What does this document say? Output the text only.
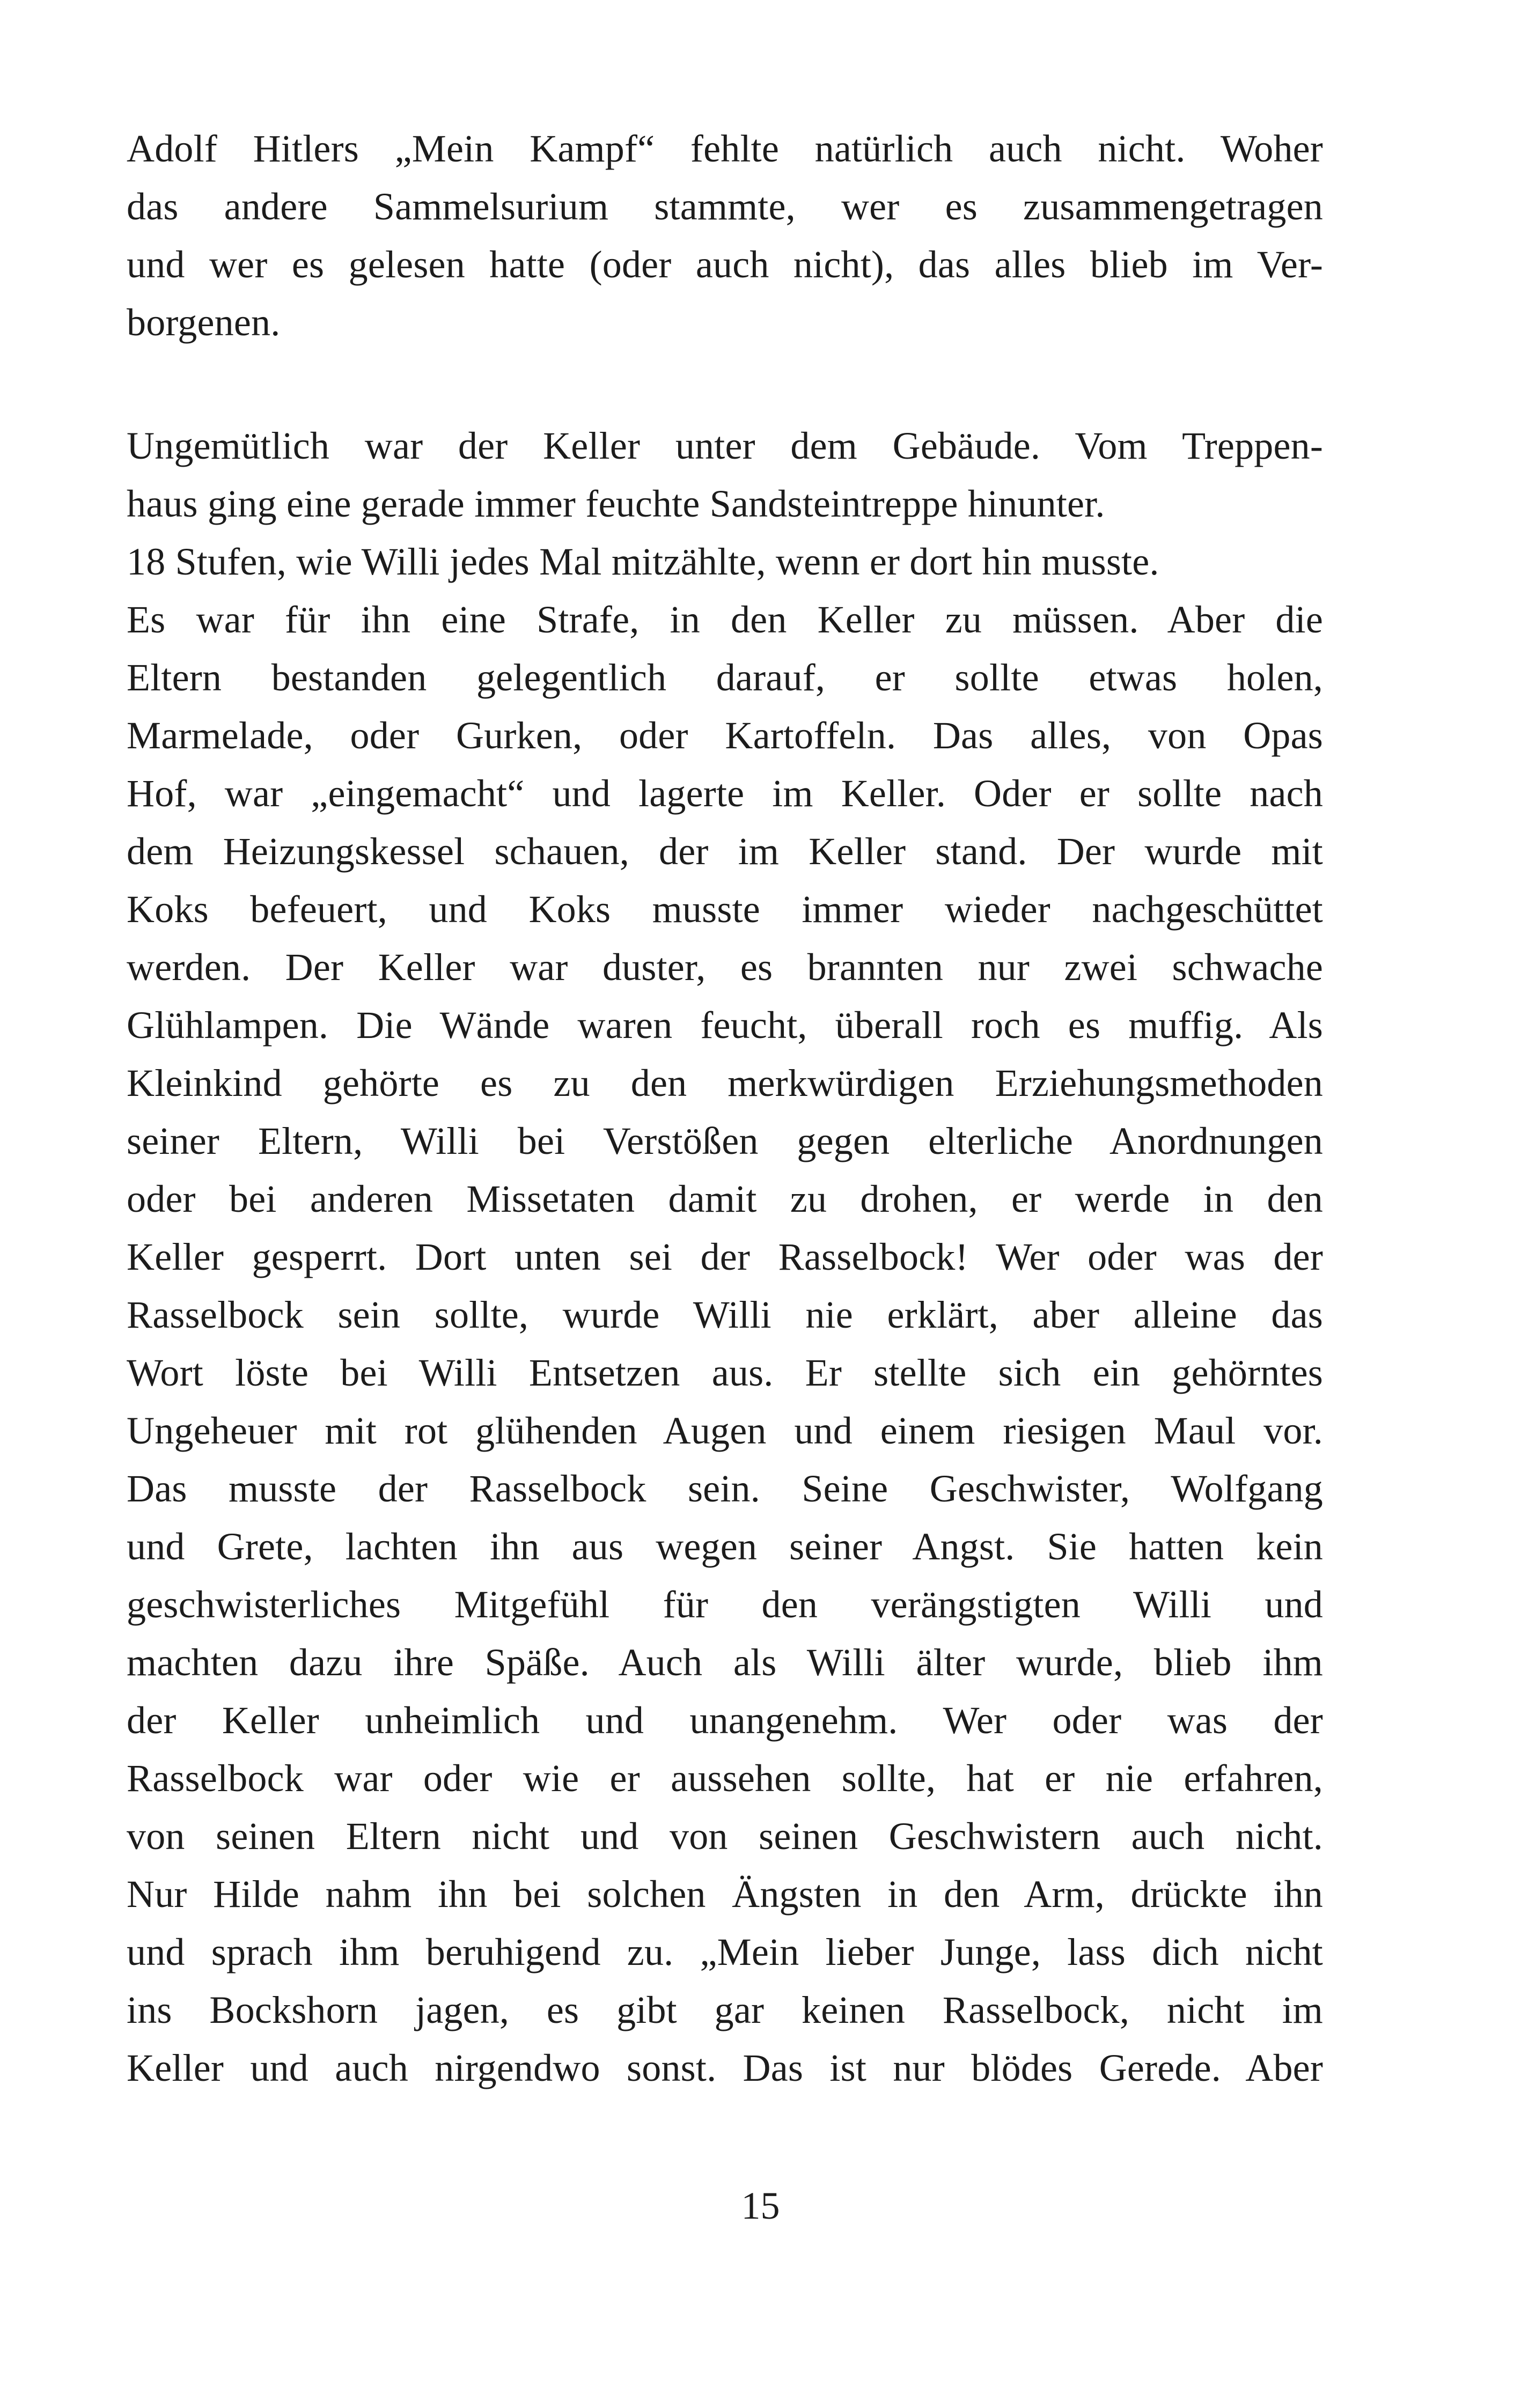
Adolf Hitlers „Mein Kampf“ fehlte natürlich auch nicht. Woher
das andere Sammelsurium stammte, wer es zusammengetragen
und wer es gelesen hatte (oder auch nicht), das alles blieb im Ver-
borgenen.
Ungemütlich war der Keller unter dem Gebäude. Vom Treppen-
haus ging eine gerade immer feuchte Sandsteintreppe hinunter.
18 Stufen, wie Willi jedes Mal mitzählte, wenn er dort hin musste.
Es war für ihn eine Strafe, in den Keller zu müssen. Aber die
Eltern bestanden gelegentlich darauf, er sollte etwas holen,
Marmelade, oder Gurken, oder Kartoffeln. Das alles, von Opas
Hof, war „eingemacht“ und lagerte im Keller. Oder er sollte nach
dem Heizungskessel schauen, der im Keller stand. Der wurde mit
Koks befeuert, und Koks musste immer wieder nachgeschüttet
werden. Der Keller war duster, es brannten nur zwei schwache
Glühlampen. Die Wände waren feucht, überall roch es muffig. Als
Kleinkind gehörte es zu den merkwürdigen Erziehungsmethoden
seiner Eltern, Willi bei Verstößen gegen elterliche Anordnungen
oder bei anderen Missetaten damit zu drohen, er werde in den
Keller gesperrt. Dort unten sei der Rasselbock! Wer oder was der
Rasselbock sein sollte, wurde Willi nie erklärt, aber alleine das
Wort löste bei Willi Entsetzen aus. Er stellte sich ein gehörntes
Ungeheuer mit rot glühenden Augen und einem riesigen Maul vor.
Das musste der Rasselbock sein. Seine Geschwister, Wolfgang
und Grete, lachten ihn aus wegen seiner Angst. Sie hatten kein
geschwisterliches Mitgefühl für den verängstigten Willi und
machten dazu ihre Späße. Auch als Willi älter wurde, blieb ihm
der Keller unheimlich und unangenehm. Wer oder was der
Rasselbock war oder wie er aussehen sollte, hat er nie erfahren,
von seinen Eltern nicht und von seinen Geschwistern auch nicht.
Nur Hilde nahm ihn bei solchen Ängsten in den Arm, drückte ihn
und sprach ihm beruhigend zu. „Mein lieber Junge, lass dich nicht
ins Bockshorn jagen, es gibt gar keinen Rasselbock, nicht im
Keller und auch nirgendwo sonst. Das ist nur blödes Gerede. Aber
15
